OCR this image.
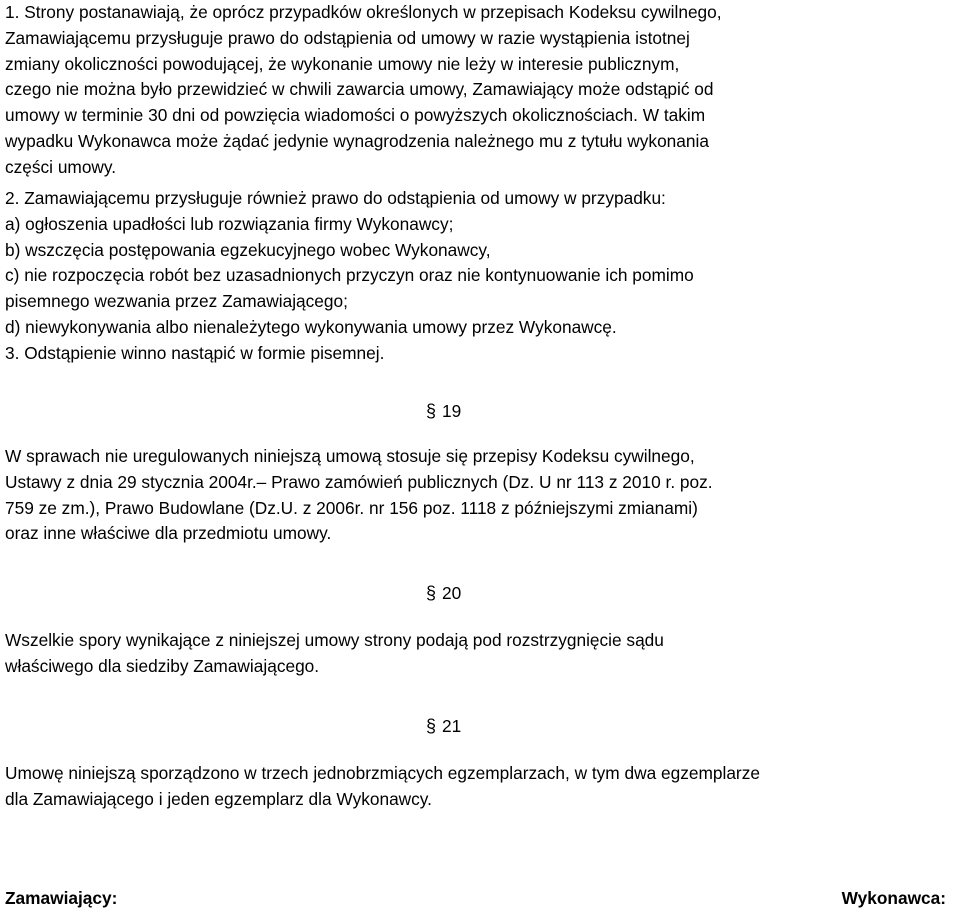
1. Strony postanawiają, że oprócz przypadków określonych w przepisach Kodeksu cywilnego,

Zamawiającemu przysługuje prawo do odstąpienia od umowy w razie wystąpienia istotnej

zmiany okoliczności powodującej, że wykonanie umowy nie leży w interesie publicznym,

czego nie można było przewidzieć w chwili zawarcia umowy, Zamawiający może odstąpić od

umowy w terminie 30 dni od powzięcia wiadomości o powyższych okolicznościach. W takim

wypadku Wykonawca może żądać jedynie wynagrodzenia należnego mu z tytułu wykonania

części umowy.

2. Zamawiającemu przysługuje również prawo do odstąpienia od umowy w przypadku:

a) ogłoszenia upadłości lub rozwiązania firmy Wykonawcy;

b) wszczęcia postępowania egzekucyjnego wobec Wykonawcy,

c) nie rozpoczęcia robót bez uzasadnionych przyczyn oraz nie kontynuowanie ich pomimo

pisemnego wezwania przez Zamawiającego;

d) niewykonywania albo nienależytego wykonywania umowy przez Wykonawcę.

3. Odstąpienie winno nastąpić w formie pisemnej.

§ 19

W sprawach nie uregulowanych niniejszą umową stosuje się przepisy Kodeksu cywilnego,

Ustawy z dnia 29 stycznia 2004r.– Prawo zamówień publicznych (Dz. U nr 113 z 2010 r. poz.

759 ze zm.), Prawo Budowlane (Dz.U. z 2006r. nr 156 poz. 1118 z późniejszymi zmianami)

oraz inne właściwe dla przedmiotu umowy.

§ 20

Wszelkie spory wynikające z niniejszej umowy strony podają pod rozstrzygnięcie sądu

właściwego dla siedziby Zamawiającego.

§ 21

Umowę niniejszą sporządzono w trzech jednobrzmiących egzemplarzach, w tym dwa egzemplarze

dla Zamawiającego i jeden egzemplarz dla Wykonawcy.

Zamawiający:	Wykonawca:
